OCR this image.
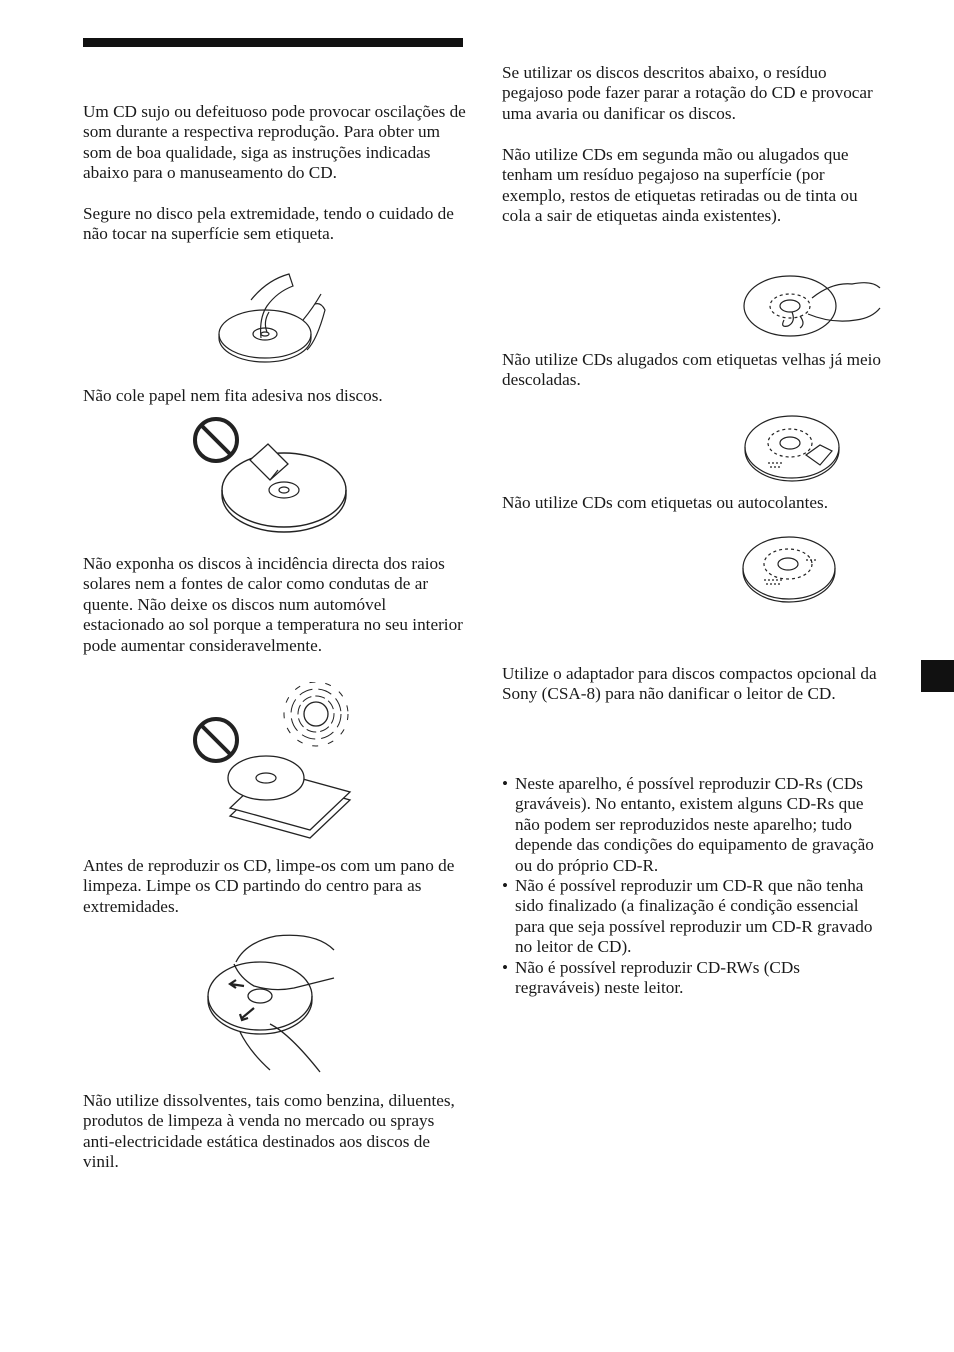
Um CD sujo ou defeituoso pode provocar oscilações de som durante a respectiva reprodução. Para obter um som de boa qualidade, siga as instruções indicadas abaixo para o manuseamento do CD.

Segure no disco pela extremidade, tendo o cuidado de não tocar na superfície sem etiqueta.

Não cole papel nem fita adesiva nos discos.

Não exponha os discos à incidência directa dos raios solares nem a fontes de calor como condutas de ar quente. Não deixe os discos num automóvel estacionado ao sol porque a temperatura no seu interior pode aumentar consideravelmente.

Antes de reproduzir os CD, limpe-os com um pano de limpeza. Limpe os CD partindo do centro para as extremidades.

Não utilize dissolventes, tais como benzina, diluentes, produtos de limpeza à venda no mercado ou sprays anti-electricidade estática destinados aos discos de vinil.

Se utilizar os discos descritos abaixo, o resíduo pegajoso pode fazer parar a rotação do CD e provocar uma avaria ou danificar os discos.

Não utilize CDs em segunda mão ou alugados que tenham um resíduo pegajoso na superfície (por exemplo, restos de etiquetas retiradas ou de tinta ou cola a sair de etiquetas ainda existentes).

Não utilize CDs alugados com etiquetas velhas já meio descoladas.

Não utilize CDs com etiquetas ou autocolantes.

Utilize o adaptador para discos compactos opcional da Sony (CSA-8) para não danificar o leitor de CD.

• Neste aparelho, é possível reproduzir CD-Rs (CDs graváveis). No entanto, existem alguns CD-Rs que não podem ser reproduzidos neste aparelho; tudo depende das condições do equipamento de gravação ou do próprio CD-R.
• Não é possível reproduzir um CD-R que não tenha sido finalizado (a finalização é condição essencial para que seja possível reproduzir um CD-R gravado no leitor de CD).
• Não é possível reproduzir CD-RWs (CDs regraváveis) neste leitor.
